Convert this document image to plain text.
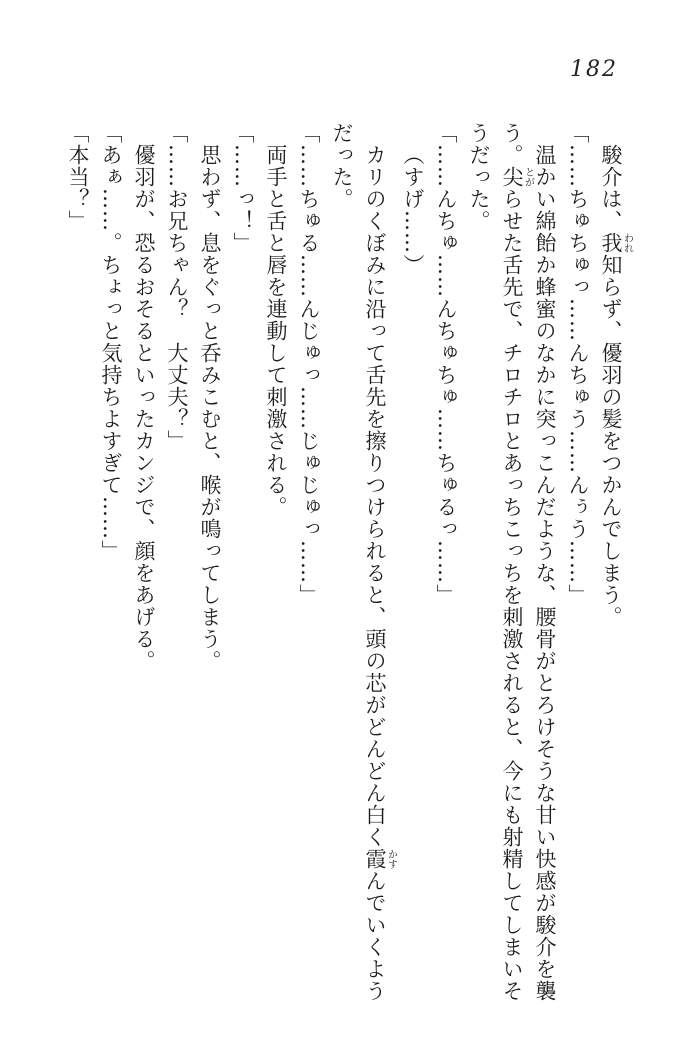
182

駿介は、我われ知らず、優羽の髪をつかんでしまう。

「……ちゅちゅっ……んちゅう……んぅう……」

温かい綿飴か蜂蜜のなかに突っこんだような、腰骨がとろけそうな甘い快感が駿介を襲う。尖とがらせた舌先で、チロチロとあっちこっちを刺激されると、今にも射精してしまいそうだった。

「……んちゅ……んちゅちゅ……ちゅるっ……」

（すげ……）

カリのくぼみに沿って舌先を擦りつけられると、頭の芯がどんどん白く霞かすんでいくようだった。

「……ちゅる……んじゅっ……じゅじゅっ……」

両手と舌と唇を連動して刺激される。

「……っ！」

思わず、息をぐっと呑みこむと、喉が鳴ってしまう。

「……お兄ちゃん？　大丈夫？」

優羽が、恐るおそるといったカンジで、顔をあげる。

「あぁ……。ちょっと気持ちよすぎて……」

「本当？」
